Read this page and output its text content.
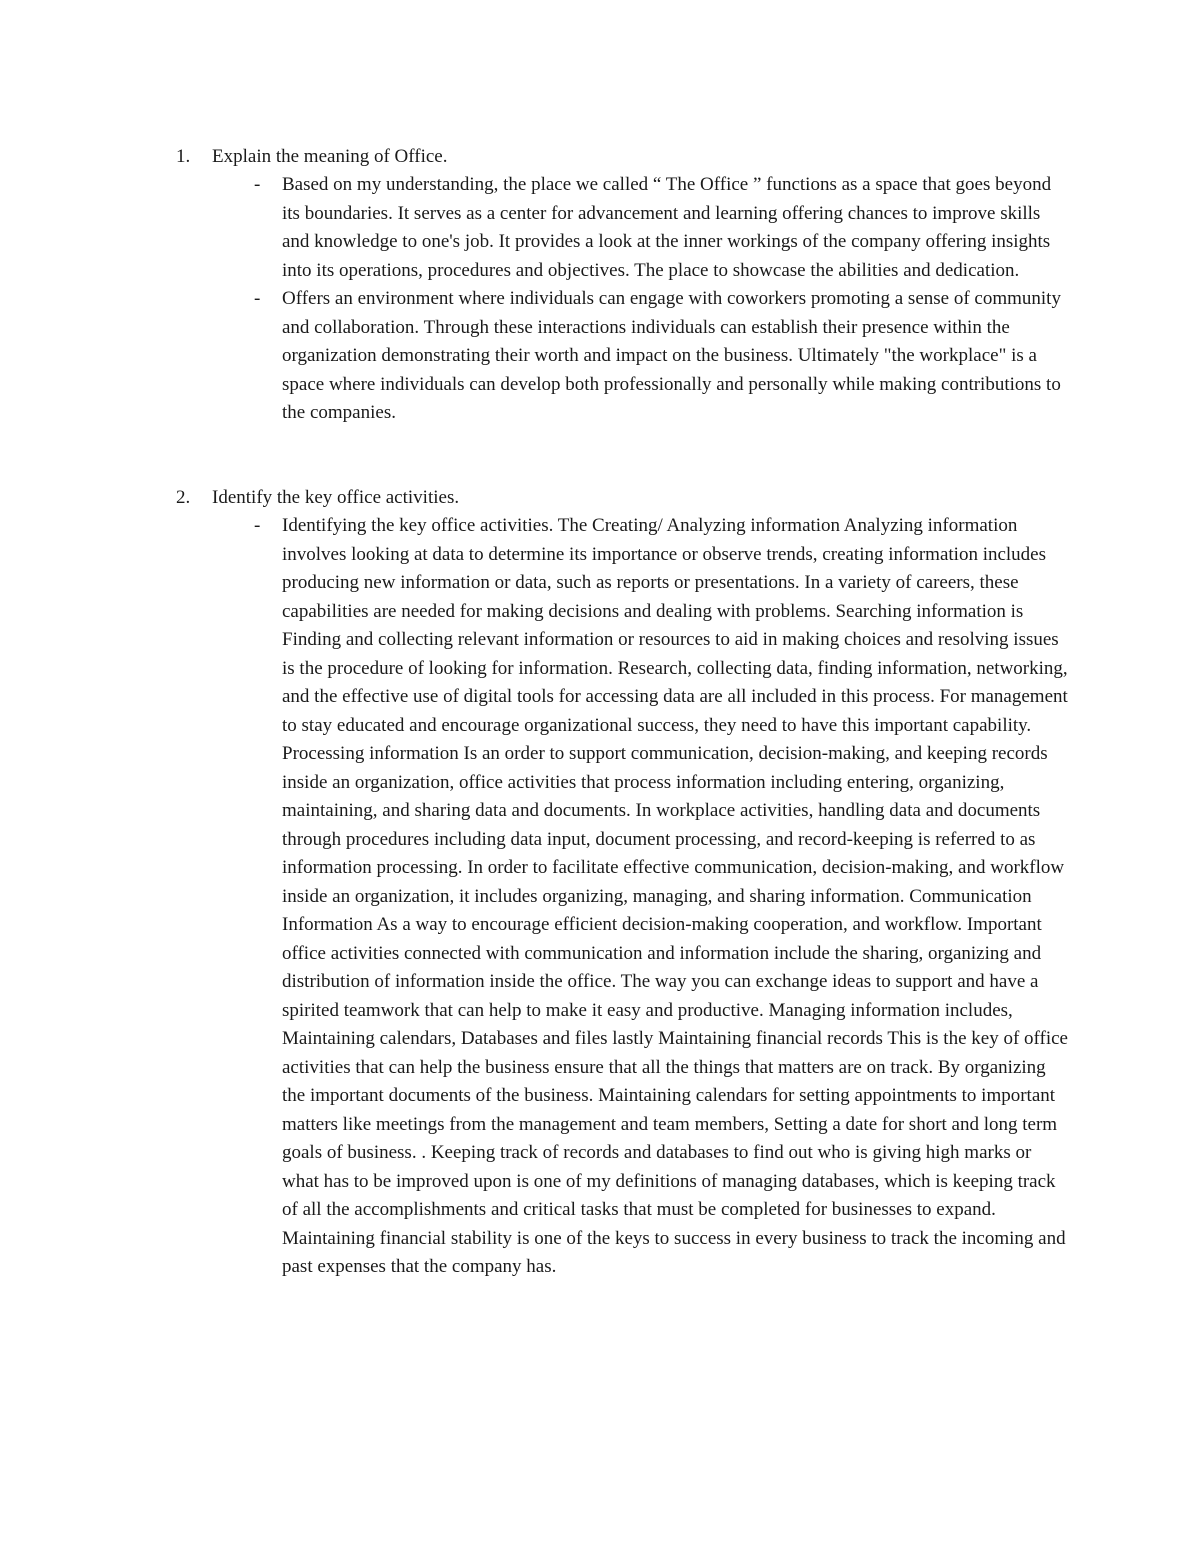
1. Explain the meaning of Office.
- Based on my understanding, the place we called “ The Office ” functions as a space that goes beyond its boundaries. It serves as a center for advancement and learning offering chances to improve skills and knowledge to one's job. It provides a look at the inner workings of the company offering insights into its operations, procedures and objectives. The place to showcase the abilities and dedication.
- Offers an environment where individuals can engage with coworkers promoting a sense of community and collaboration. Through these interactions individuals can establish their presence within the organization demonstrating their worth and impact on the business. Ultimately "the workplace" is a space where individuals can develop both professionally and personally while making contributions to the companies.
2. Identify the key office activities.
- Identifying the key office activities. The Creating/ Analyzing information Analyzing information involves looking at data to determine its importance or observe trends, creating information includes producing new information or data, such as reports or presentations. In a variety of careers, these capabilities are needed for making decisions and dealing with problems. Searching information is Finding and collecting relevant information or resources to aid in making choices and resolving issues is the procedure of looking for information. Research, collecting data, finding information, networking, and the effective use of digital tools for accessing data are all included in this process. For management to stay educated and encourage organizational success, they need to have this important capability. Processing information Is an order to support communication, decision-making, and keeping records inside an organization, office activities that process information including entering, organizing, maintaining, and sharing data and documents. In workplace activities, handling data and documents through procedures including data input, document processing, and record-keeping is referred to as information processing. In order to facilitate effective communication, decision-making, and workflow inside an organization, it includes organizing, managing, and sharing information. Communication Information As a way to encourage efficient decision-making cooperation, and workflow. Important office activities connected with communication and information include the sharing, organizing and distribution of information inside the office. The way you can exchange ideas to support and have a spirited teamwork that can help to make it easy and productive. Managing information includes, Maintaining calendars, Databases and files lastly Maintaining financial records This is the key of office activities that can help the business ensure that all the things that matters are on track. By organizing the important documents of the business. Maintaining calendars for setting appointments to important matters like meetings from the management and team members, Setting a date for short and long term goals of business. . Keeping track of records and databases to find out who is giving high marks or what has to be improved upon is one of my definitions of managing databases, which is keeping track of all the accomplishments and critical tasks that must be completed for businesses to expand. Maintaining financial stability is one of the keys to success in every business to track the incoming and past expenses that the company has.
